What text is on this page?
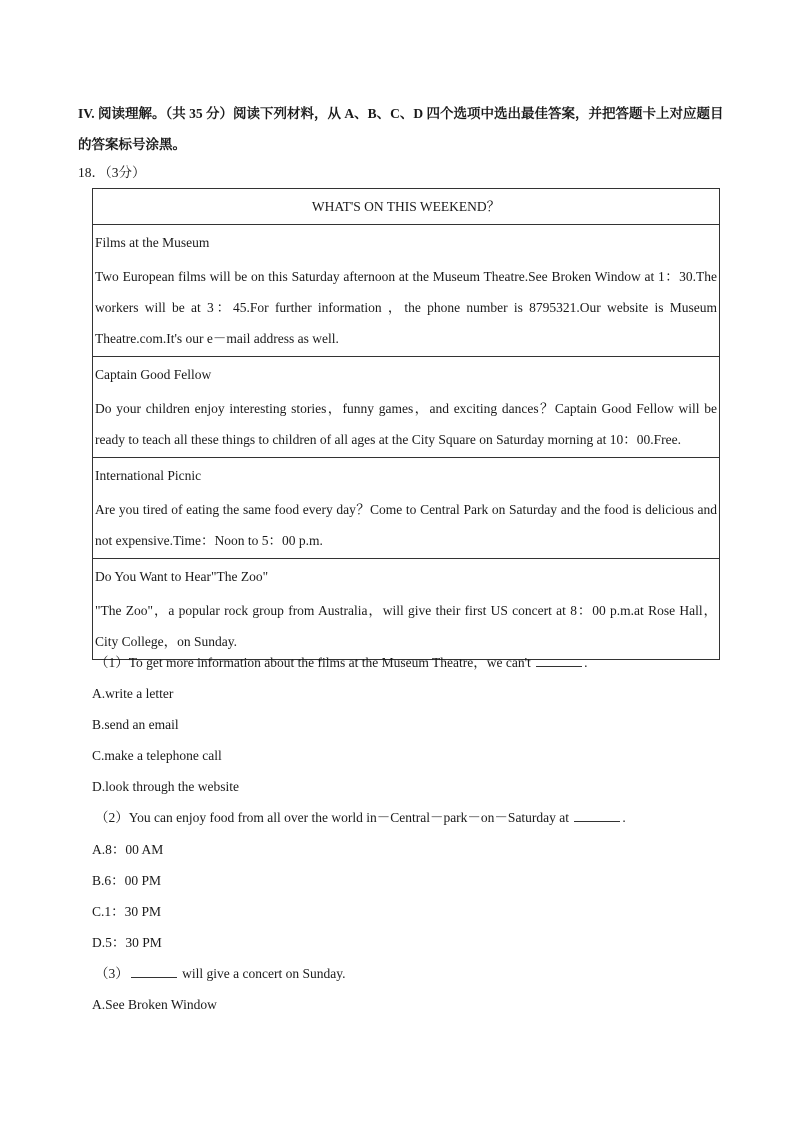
IV. 阅读理解。（共 35 分）阅读下列材料，从 A、B、C、D 四个选项中选出最佳答案，并把答题卡上对应题目的答案标号涂黑。
18．（3分）
WHAT'S ON THIS WEEKEND？
Films at the Museum
Two European films will be on this Saturday afternoon at the Museum Theatre.See Broken Window at 1：30.The workers will be at 3：45.For further information ，the phone number is 8795321.Our website is Museum Theatre.com.It's our e－mail address as well.
Captain Good Fellow
Do your children enjoy interesting stories，funny games，and exciting dances？Captain Good Fellow will be ready to teach all these things to children of all ages at the City Square on Saturday morning at 10：00.Free.
International Picnic
Are you tired of eating the same food every day？Come to Central Park on Saturday and the food is delicious and not expensive.Time：Noon to 5：00 p.m.
Do You Want to Hear"The Zoo"
"The Zoo"，a popular rock group from Australia，will give their first US concert at 8：00 p.m.at Rose Hall，City College，on Sunday.
（1）To get more information about the films at the Museum Theatre，we can't	.
A.write a letter
B.send an email
C.make a telephone call
D.look through the website
（2）You can enjoy food from all over the world in－Central－park－on－Saturday at	.
A.8：00 AM
B.6：00 PM
C.1：30 PM
D.5：30 PM
（3）	will give a concert on Sunday.
A.See Broken Window
